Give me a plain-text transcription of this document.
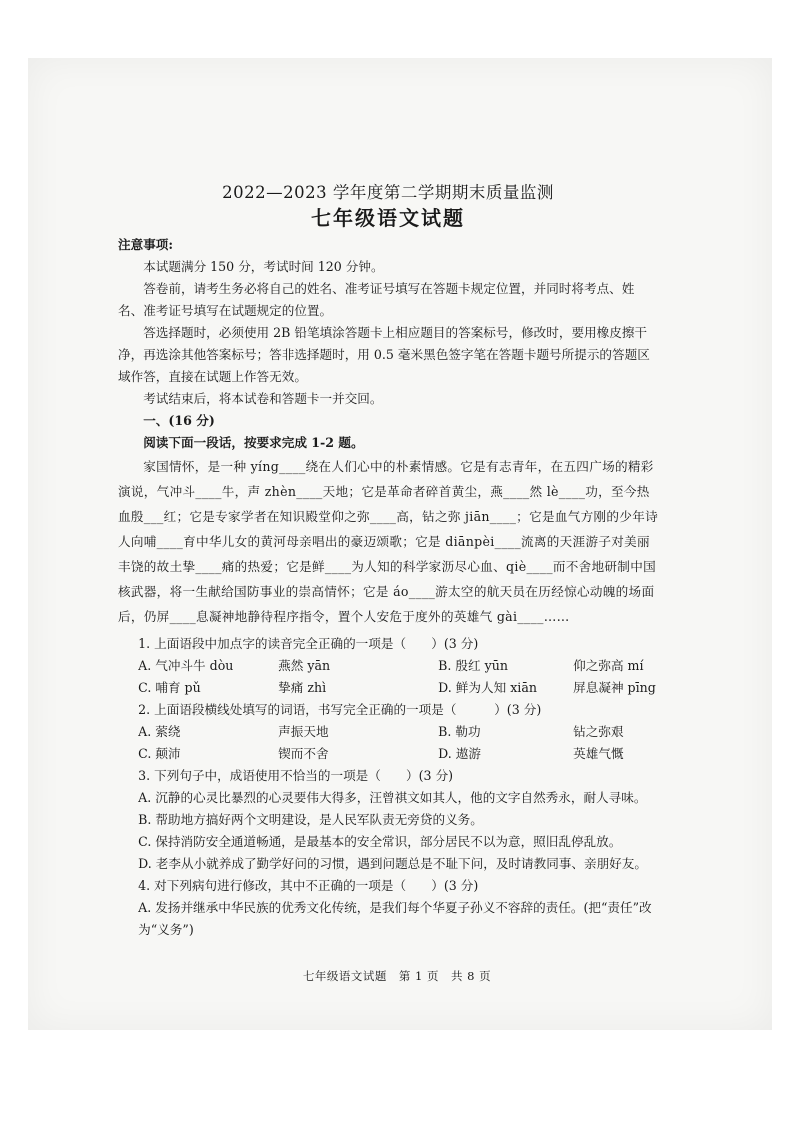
2022—2023 学年度第二学期期末质量监测

七年级语文试题

注意事项:

本试题满分 150 分，考试时间 120 分钟。

答卷前，请考生务必将自己的姓名、准考证号填写在答题卡规定位置，并同时将考点、姓名、准考证号填写在试题规定的位置。

答选择题时，必须使用 2B 铅笔填涂答题卡上相应题目的答案标号，修改时，要用橡皮擦干净，再选涂其他答案标号；答非选择题时，用 0.5 毫米黑色签字笔在答题卡题号所提示的答题区域作答，直接在试题上作答无效。

考试结束后，将本试卷和答题卡一并交回。

一、(16 分)

阅读下面一段话，按要求完成 1-2 题。

家国情怀，是一种 yíng____绕在人们心中的朴素情感。它是有志青年，在五四广场的精彩演说，气冲斗____牛，声 zhèn____天地；它是革命者碎首黄尘，燕____然 lè____功，至今热血殷___红；它是专家学者在知识殿堂仰之弥____高，钻之弥 jiān____；它是血气方刚的少年诗人向哺____育中华儿女的黄河母亲唱出的豪迈颂歌；它是 diānpèi____流离的天涯游子对美丽丰饶的故土挚____痛的热爱；它是鲜____为人知的科学家沥尽心血、qiè____而不舍地研制中国核武器，将一生献给国防事业的崇高情怀；它是 áo____游太空的航天员在历经惊心动魄的场面后，仍屏____息凝神地静待程序指令，置个人安危于度外的英雄气 gài____……

1. 上面语段中加点字的读音完全正确的一项是（　　）(3 分)

A. 气冲斗牛 dòu	燕然 yān	B. 殷红 yūn	仰之弥高 mí
C. 哺育 pǔ	挚痛 zhì	D. 鲜为人知 xiān	屏息凝神 pīng

2. 上面语段横线处填写的词语，书写完全正确的一项是（　　　）(3 分)

A. 萦绕	声振天地	B. 勒功	钻之弥艰
C. 颠沛	锲而不舍	D. 遨游	英雄气慨

3. 下列句子中，成语使用不恰当的一项是（　　）(3 分)

A. 沉静的心灵比暴烈的心灵要伟大得多，汪曾祺文如其人，他的文字自然秀永，耐人寻味。

B. 帮助地方搞好两个文明建设，是人民军队责无旁贷的义务。

C. 保持消防安全通道畅通，是最基本的安全常识，部分居民不以为意，照旧乱停乱放。

D. 老李从小就养成了勤学好问的习惯，遇到问题总是不耻下问，及时请教同事、亲朋好友。

4. 对下列病句进行修改，其中不正确的一项是（　　）(3 分)

A. 发扬并继承中华民族的优秀文化传统，是我们每个华夏子孙义不容辞的责任。(把“责任”改为“义务”)

七年级语文试题　第 1 页　共 8 页
